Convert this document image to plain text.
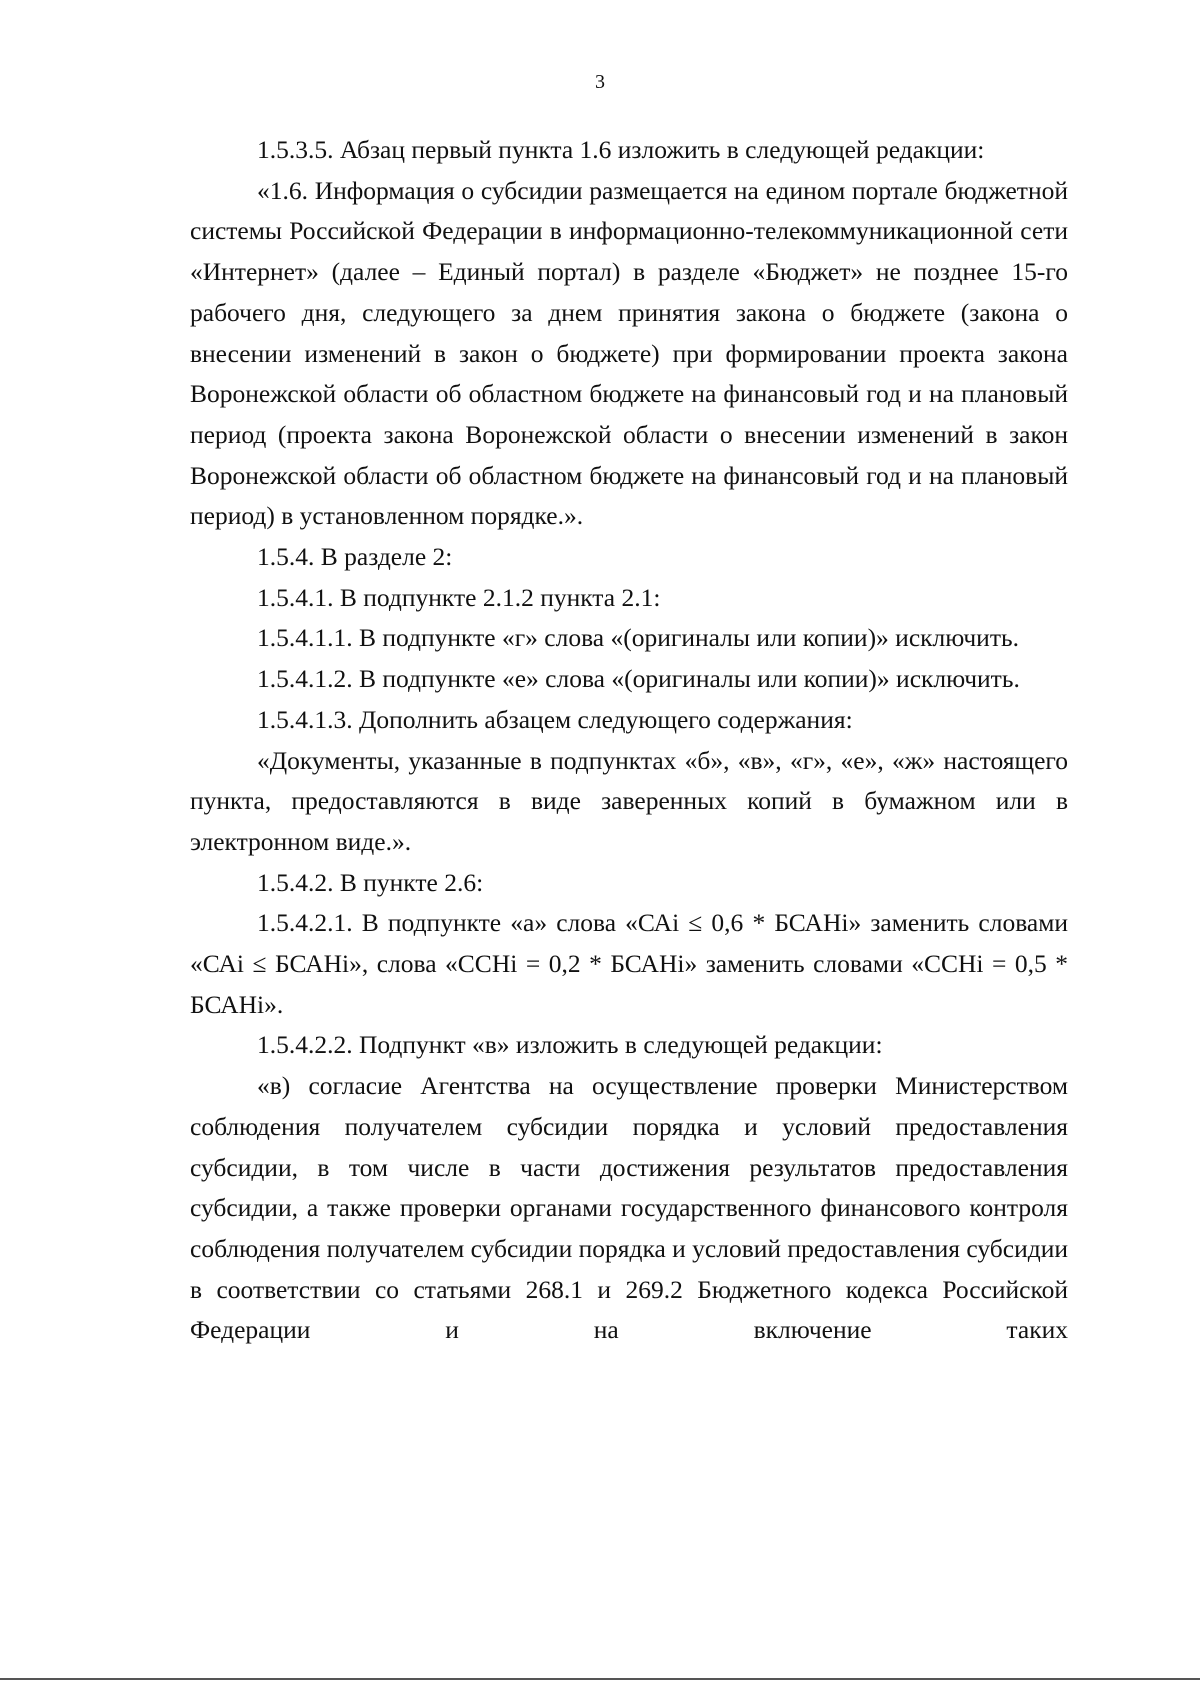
3

1.5.3.5. Абзац первый пункта 1.6 изложить в следующей редакции:

«1.6. Информация о субсидии размещается на едином портале бюджетной системы Российской Федерации в информационно-телекоммуникационной сети «Интернет» (далее – Единый портал) в разделе «Бюджет» не позднее 15-го рабочего дня, следующего за днем принятия закона о бюджете (закона о внесении изменений в закон о бюджете) при формировании проекта закона Воронежской области об областном бюджете на финансовый год и на плановый период (проекта закона Воронежской области о внесении изменений в закон Воронежской области об областном бюджете на финансовый год и на плановый период) в установленном порядке.».

1.5.4. В разделе 2:

1.5.4.1. В подпункте 2.1.2 пункта 2.1:

1.5.4.1.1. В подпункте «г» слова «(оригиналы или копии)» исключить.

1.5.4.1.2. В подпункте «е» слова «(оригиналы или копии)» исключить.

1.5.4.1.3. Дополнить абзацем следующего содержания:

«Документы, указанные в подпунктах «б», «в», «г», «е», «ж» настоящего пункта, предоставляются в виде заверенных копий в бумажном или в электронном виде.».

1.5.4.2. В пункте 2.6:

1.5.4.2.1. В подпункте «а» слова «САi ≤ 0,6 * БСАНi» заменить словами «САi ≤ БСАНi», слова «ССНi = 0,2 * БСАНi» заменить словами «ССНi = 0,5 * БСАНi».

1.5.4.2.2. Подпункт «в» изложить в следующей редакции:

«в) согласие Агентства на осуществление проверки Министерством соблюдения получателем субсидии порядка и условий предоставления субсидии, в том числе в части достижения результатов предоставления субсидии, а также проверки органами государственного финансового контроля соблюдения получателем субсидии порядка и условий предоставления субсидии в соответствии со статьями 268.1 и 269.2 Бюджетного кодекса Российской Федерации и на включение таких
